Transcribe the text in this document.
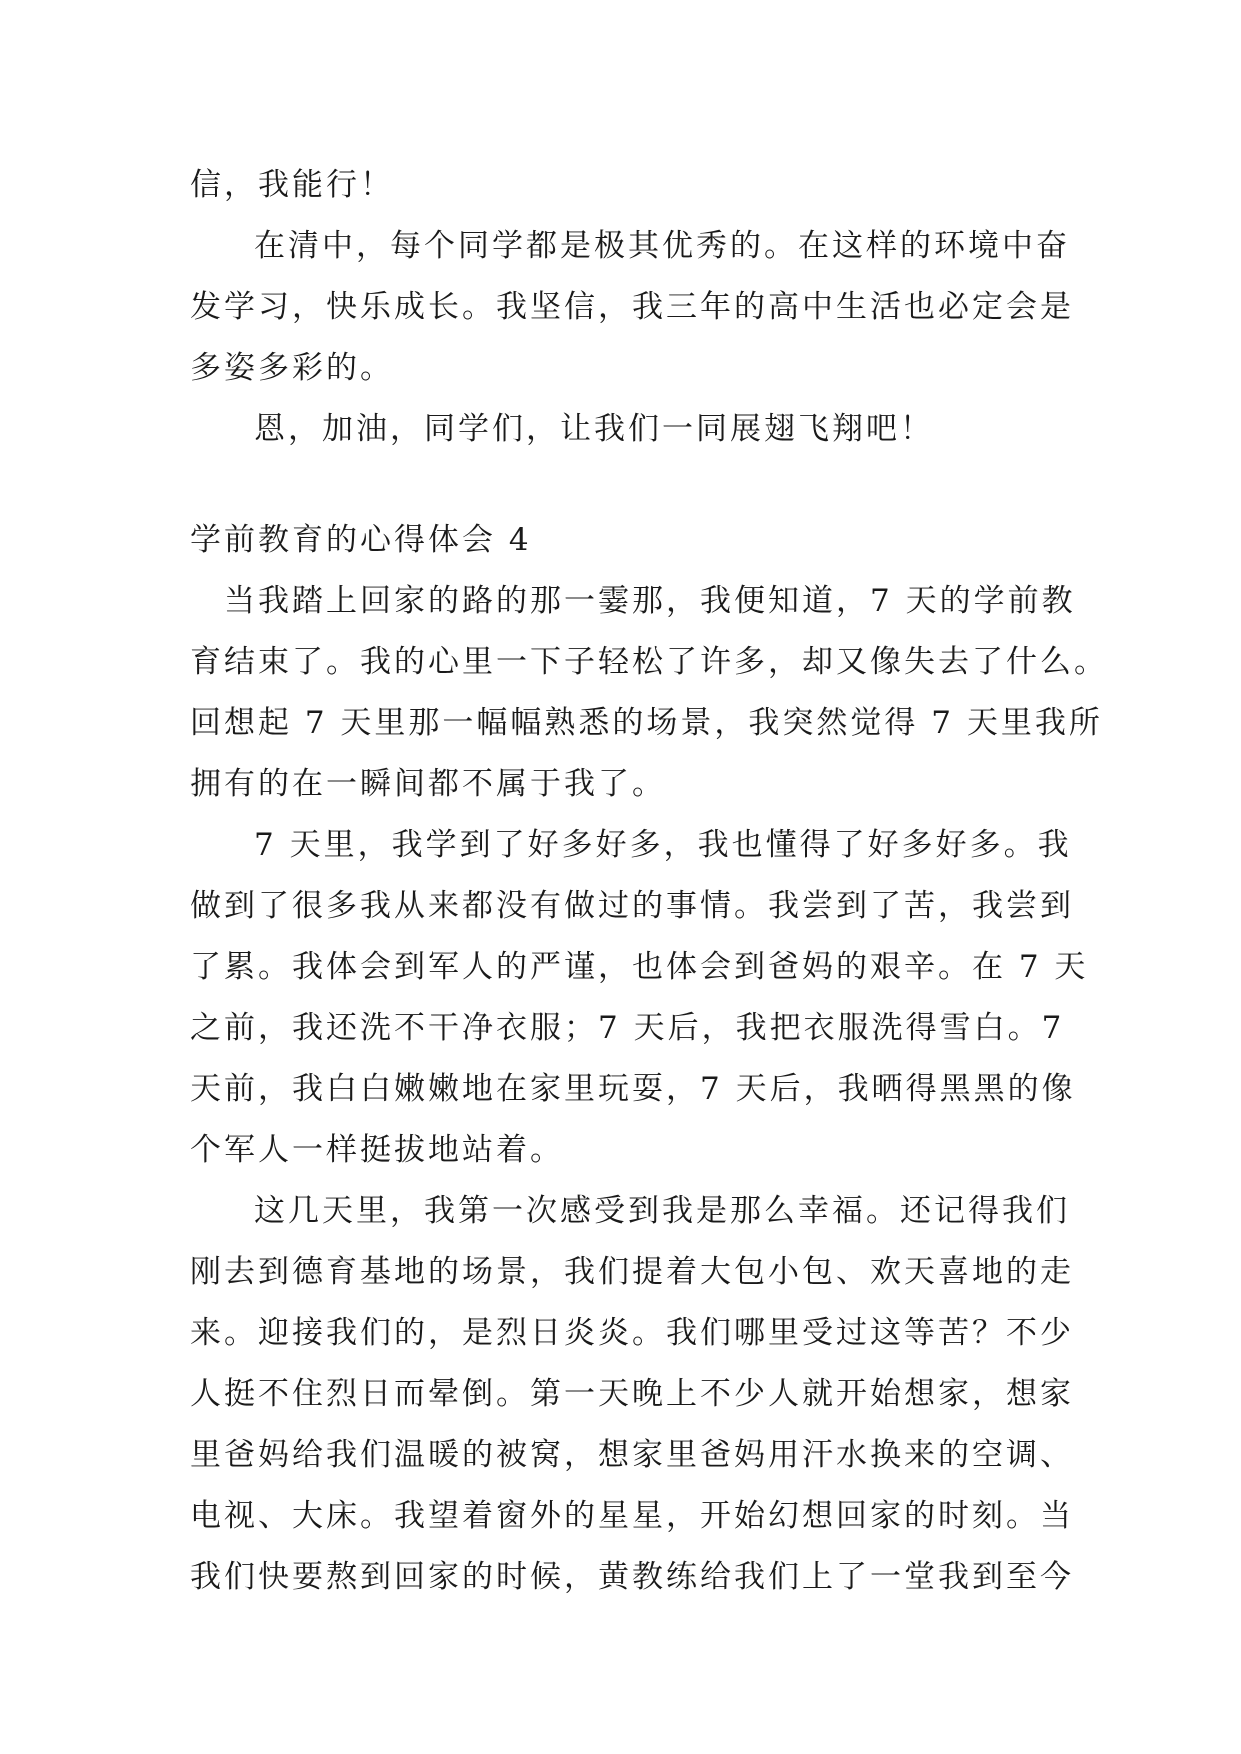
信，我能行！
在清中，每个同学都是极其优秀的。在这样的环境中奋
发学习，快乐成长。我坚信，我三年的高中生活也必定会是
多姿多彩的。
恩，加油，同学们，让我们一同展翅飞翔吧！
学前教育的心得体会 4
当我踏上回家的路的那一霎那，我便知道，7 天的学前教
育结束了。我的心里一下子轻松了许多，却又像失去了什么。
回想起 7 天里那一幅幅熟悉的场景，我突然觉得 7 天里我所
拥有的在一瞬间都不属于我了。
7 天里，我学到了好多好多，我也懂得了好多好多。我
做到了很多我从来都没有做过的事情。我尝到了苦，我尝到
了累。我体会到军人的严谨，也体会到爸妈的艰辛。在 7 天
之前，我还洗不干净衣服；7 天后，我把衣服洗得雪白。7
天前，我白白嫩嫩地在家里玩耍，7 天后，我晒得黑黑的像
个军人一样挺拔地站着。
这几天里，我第一次感受到我是那么幸福。还记得我们
刚去到德育基地的场景，我们提着大包小包、欢天喜地的走
来。迎接我们的，是烈日炎炎。我们哪里受过这等苦？不少
人挺不住烈日而晕倒。第一天晚上不少人就开始想家，想家
里爸妈给我们温暖的被窝，想家里爸妈用汗水换来的空调、
电视、大床。我望着窗外的星星，开始幻想回家的时刻。当
我们快要熬到回家的时候，黄教练给我们上了一堂我到至今
